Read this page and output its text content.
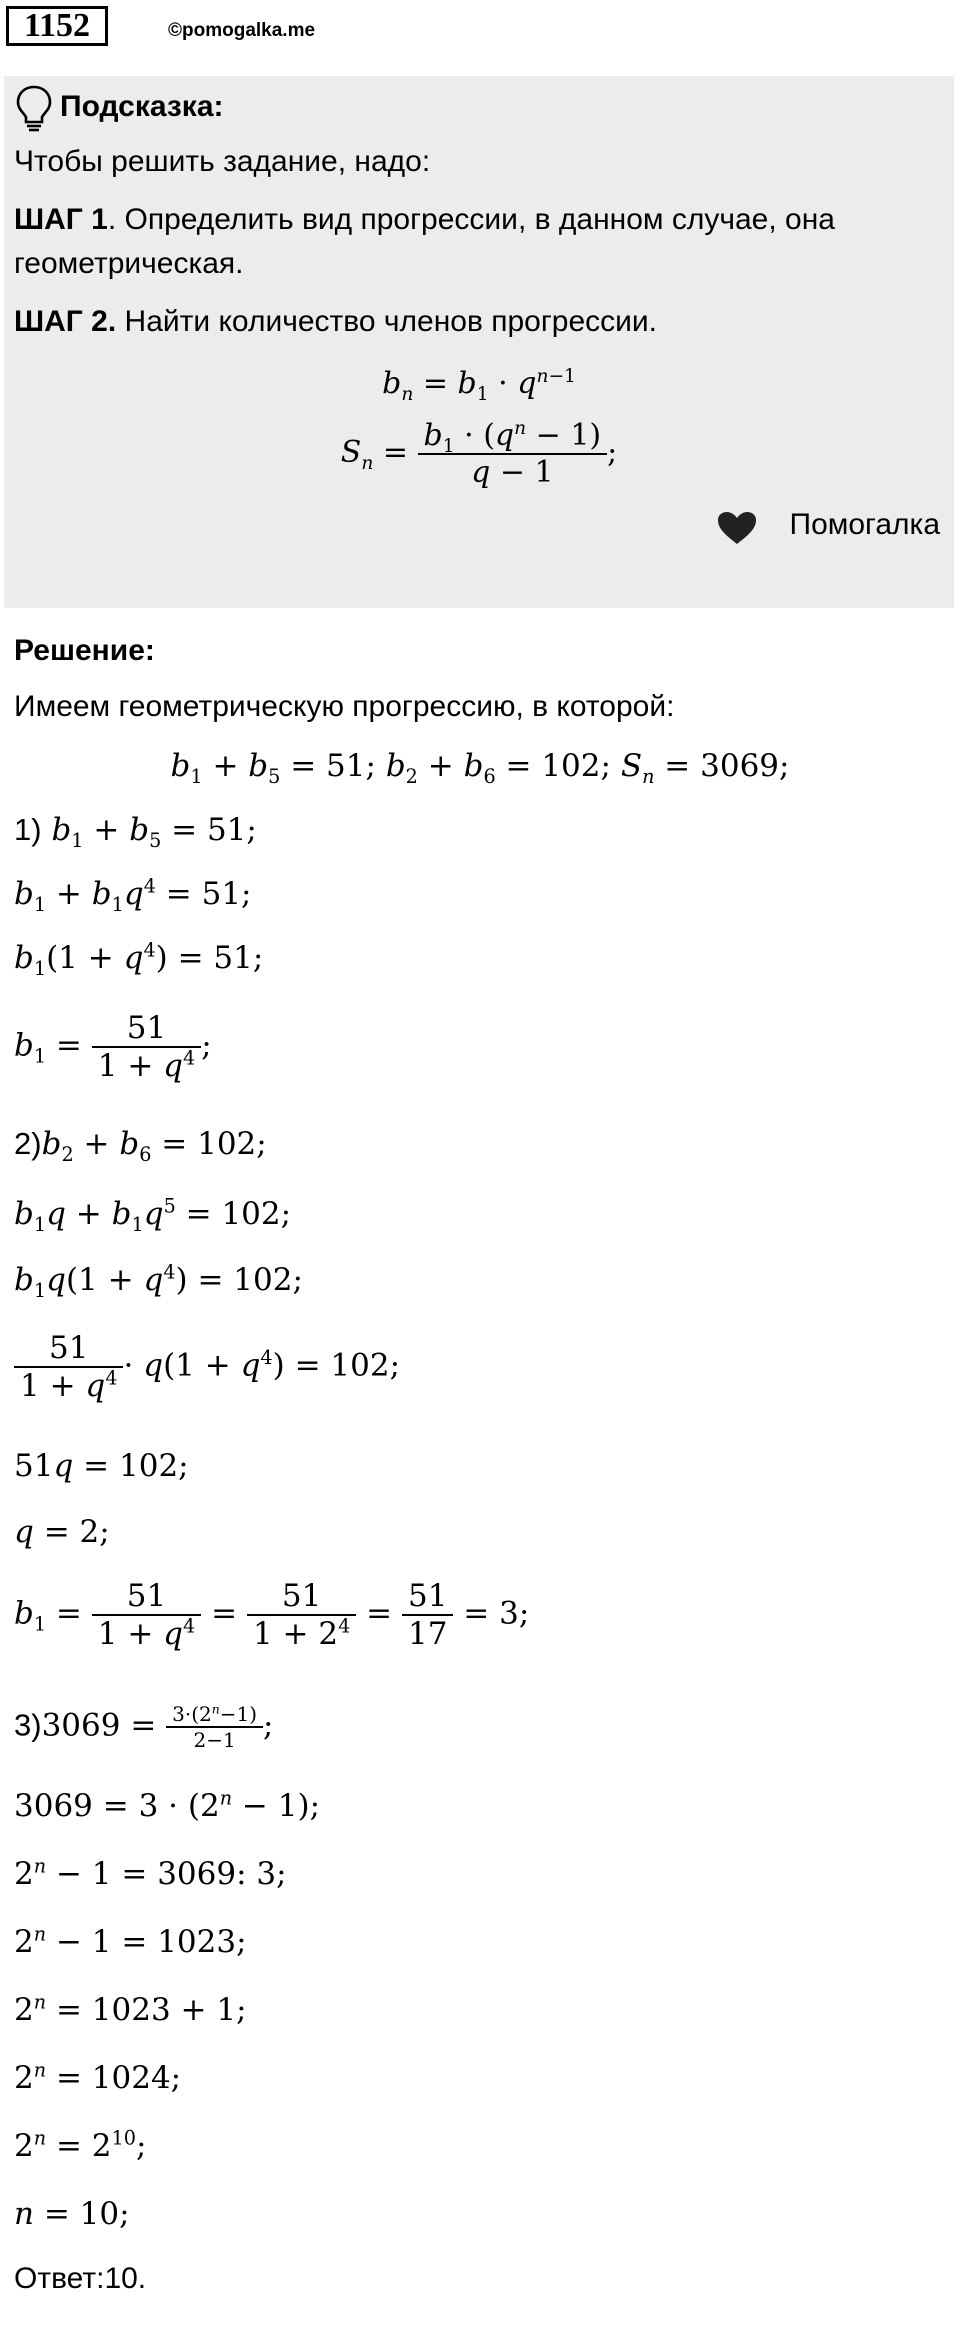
1152	©pomogalka.me
Подсказка:
Чтобы решить задание, надо:
ШАГ 1. Определить вид прогрессии, в данном случае, она
геометрическая.
ШАГ 2. Найти количество членов прогрессии.
$b_n = b_1 \cdot q^{n-1}$
$S_n = \frac{b_1 \cdot (q^n - 1)}{q - 1}$ ;
Помогалка
Решение:
Имеем геометрическую прогрессию, в которой:
$b_1 + b_5 = 51$; $b_2 + b_6 = 102$; $S_n = 3069$;
1) $b_1 + b_5 = 51$;
$b_1 + b_1q^4 = 51$;
$b_1(1 + q^4) = 51$;
$b_1 = \frac{51}{1 + q^4}$ ;
$2)b_2 + b_6 = 102$;
$b_1q + b_1q^5 = 102$;
$b_1q(1 + q^4) = 102$;
$\frac{51}{1 + q^4} \cdot q(1 + q^4) = 102$;
51q = 102;
q = 2;
$b_1 = \frac{51}{1 + q^4} = \frac{51}{1 + 2^4} = \frac{51}{17} = 3$;
$3)3069 = \frac{3\cdot(2^n-1)}{2-1}$ ;
$3069 = 3 \cdot (2^n - 1)$;
$2^n - 1 = 3069$: 3;
$2^n - 1 = 1023$;
$2^n = 1023 + 1$;
$2^n = 1024$;
$2^n = 2^{10}$;
n = 10;
Ответ:10.
